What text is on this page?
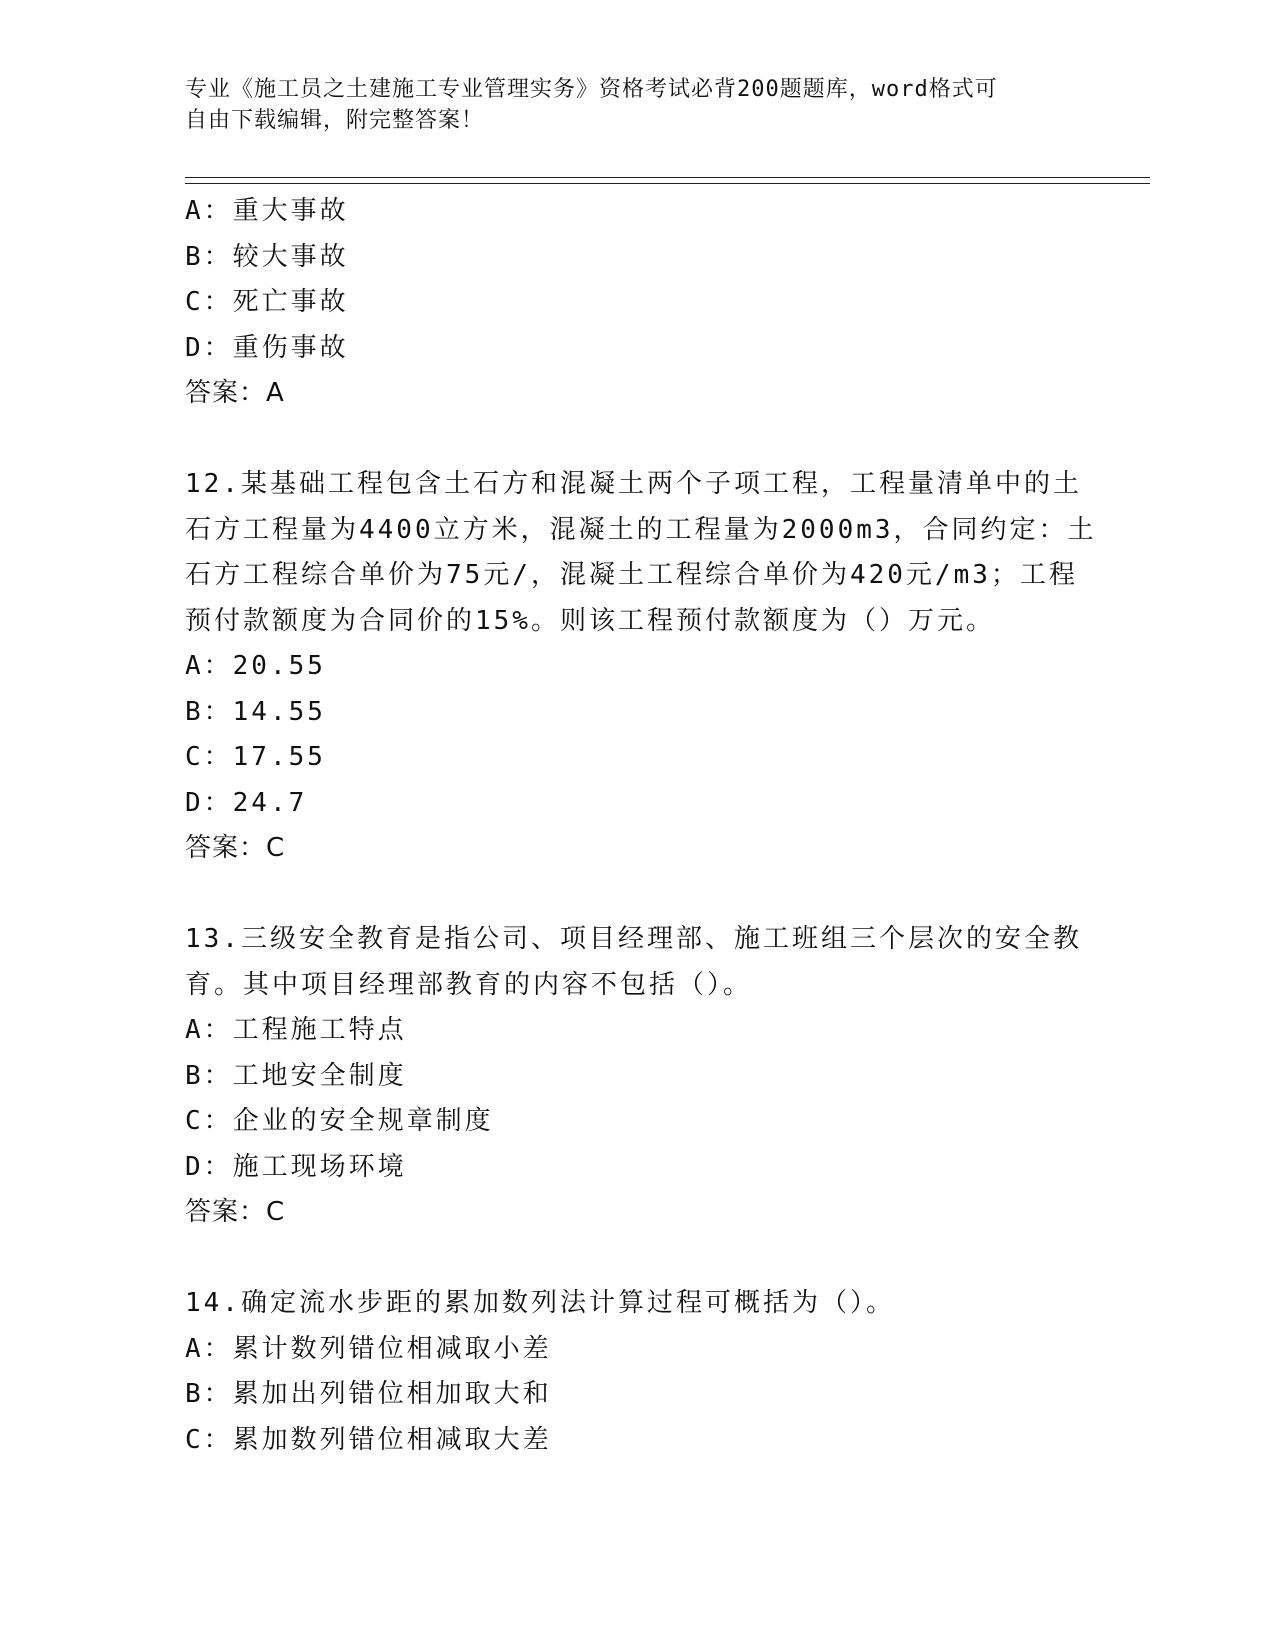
专业《施工员之土建施工专业管理实务》资格考试必背200题题库，word格式可
自由下载编辑，附完整答案！
A：重大事故
B：较大事故
C：死亡事故
D：重伤事故
答案：A
12.某基础工程包含土石方和混凝土两个子项工程，工程量清单中的土
石方工程量为4400立方米，混凝土的工程量为2000m3，合同约定：土
石方工程综合单价为75元/，混凝土工程综合单价为420元/m3；工程
预付款额度为合同价的15%。则该工程预付款额度为（）万元。
A：20.55
B：14.55
C：17.55
D：24.7
答案：C
13.三级安全教育是指公司、项目经理部、施工班组三个层次的安全教
育。其中项目经理部教育的内容不包括（）。
A：工程施工特点
B：工地安全制度
C：企业的安全规章制度
D：施工现场环境
答案：C
14.确定流水步距的累加数列法计算过程可概括为（）。
A：累计数列错位相减取小差
B：累加出列错位相加取大和
C：累加数列错位相减取大差
